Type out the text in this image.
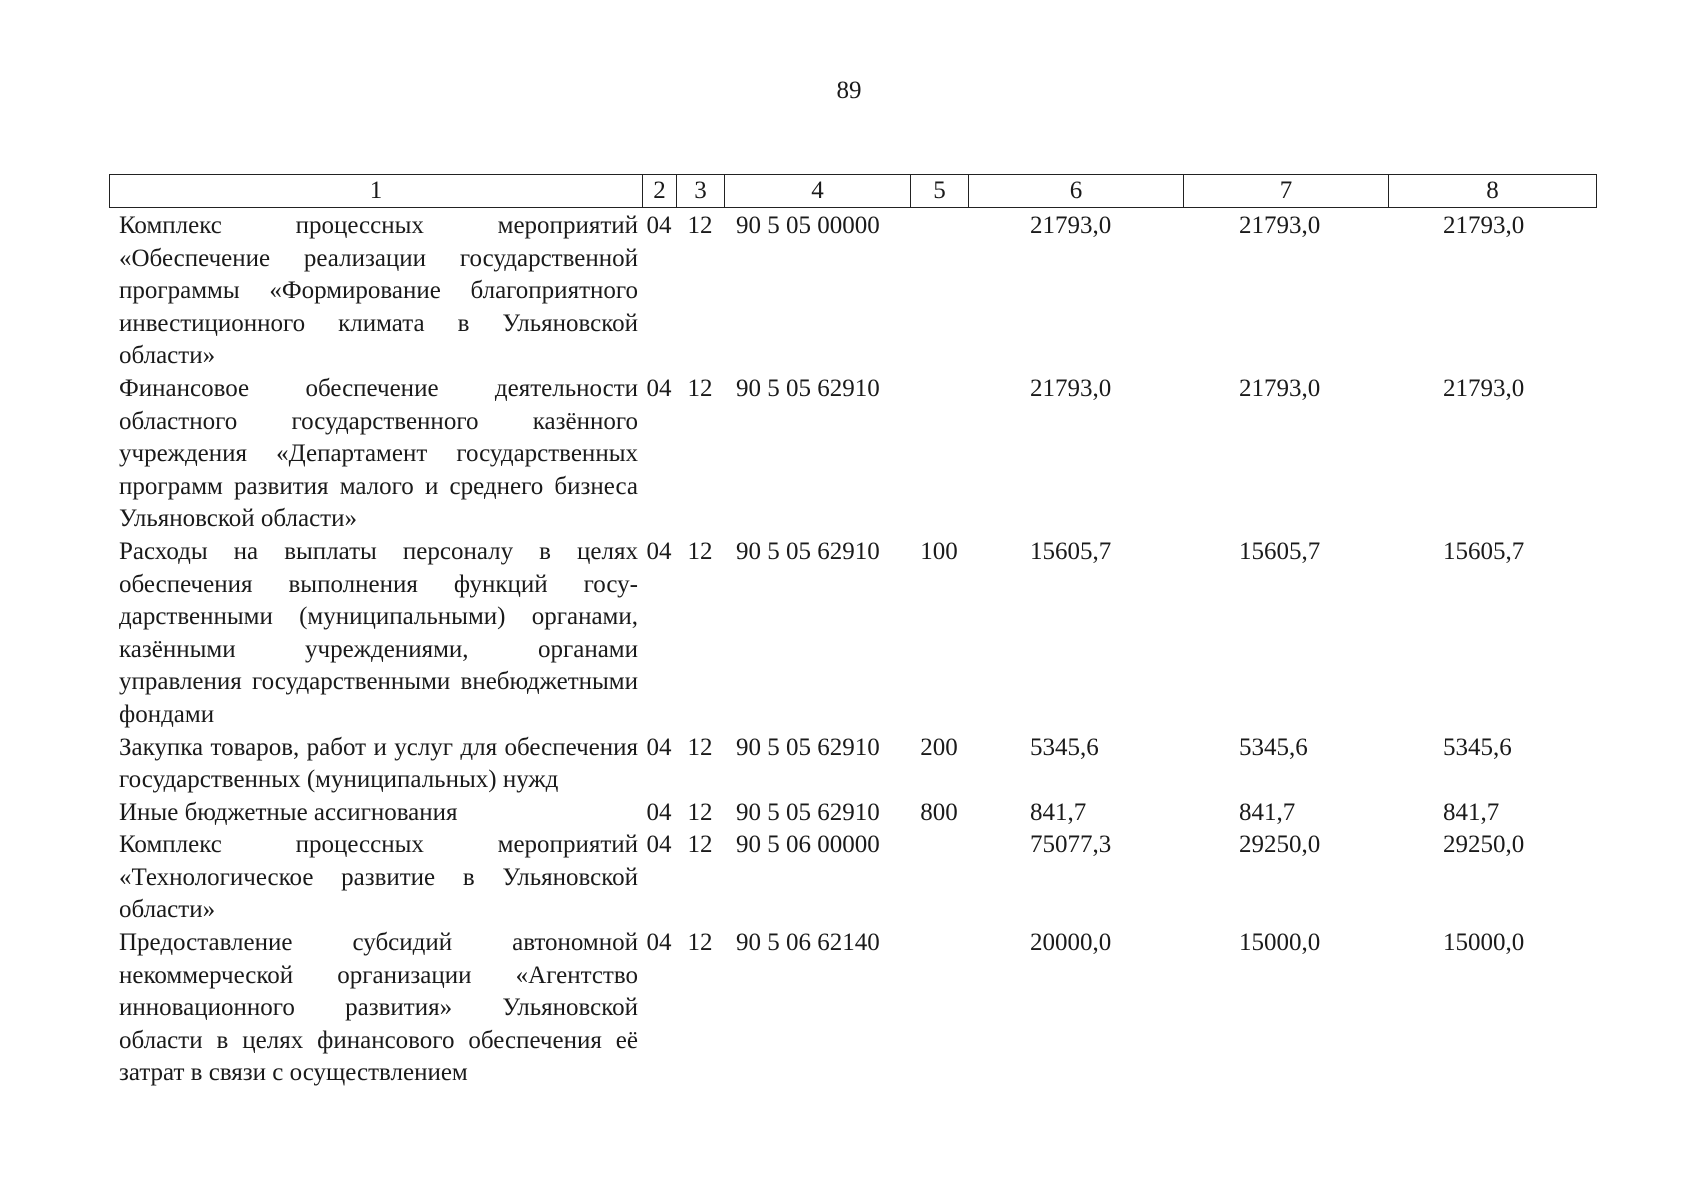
89
1	2	3	4	5	6	7	8
Комплекс процессных мероприятий «Обеспечение реализации государственной программы «Формирование благоприятного инвестиционного климата в Ульяновской области»	04	12	90 5 05 00000		21793,0	21793,0	21793,0

Финансовое обеспечение деятельности областного государственного казённого учреждения «Департамент государственных программ развития малого и среднего бизнеса Ульяновской области»	04	12	90 5 05 62910		21793,0	21793,0	21793,0

Расходы на выплаты персоналу в целях обеспечения выполнения функций государственными (муниципальными) органами, казёнными учреждениями, органами управления государственными внебюджетными фондами	04	12	90 5 05 62910	100	15605,7	15605,7	15605,7

Закупка товаров, работ и услуг для обеспечения государственных (муниципальных) нужд	04	12	90 5 05 62910	200	5345,6	5345,6	5345,6

Иные бюджетные ассигнования	04	12	90 5 05 62910	800	841,7	841,7	841,7

Комплекс процессных мероприятий «Технологическое развитие в Ульяновской области»	04	12	90 5 06 00000		75077,3	29250,0	29250,0

Предоставление субсидий автономной некоммерческой организации «Агентство инновационного развития» Ульяновской области в целях финансового обеспечения её затрат в связи с осуществлением	04	12	90 5 06 62140		20000,0	15000,0	15000,0
